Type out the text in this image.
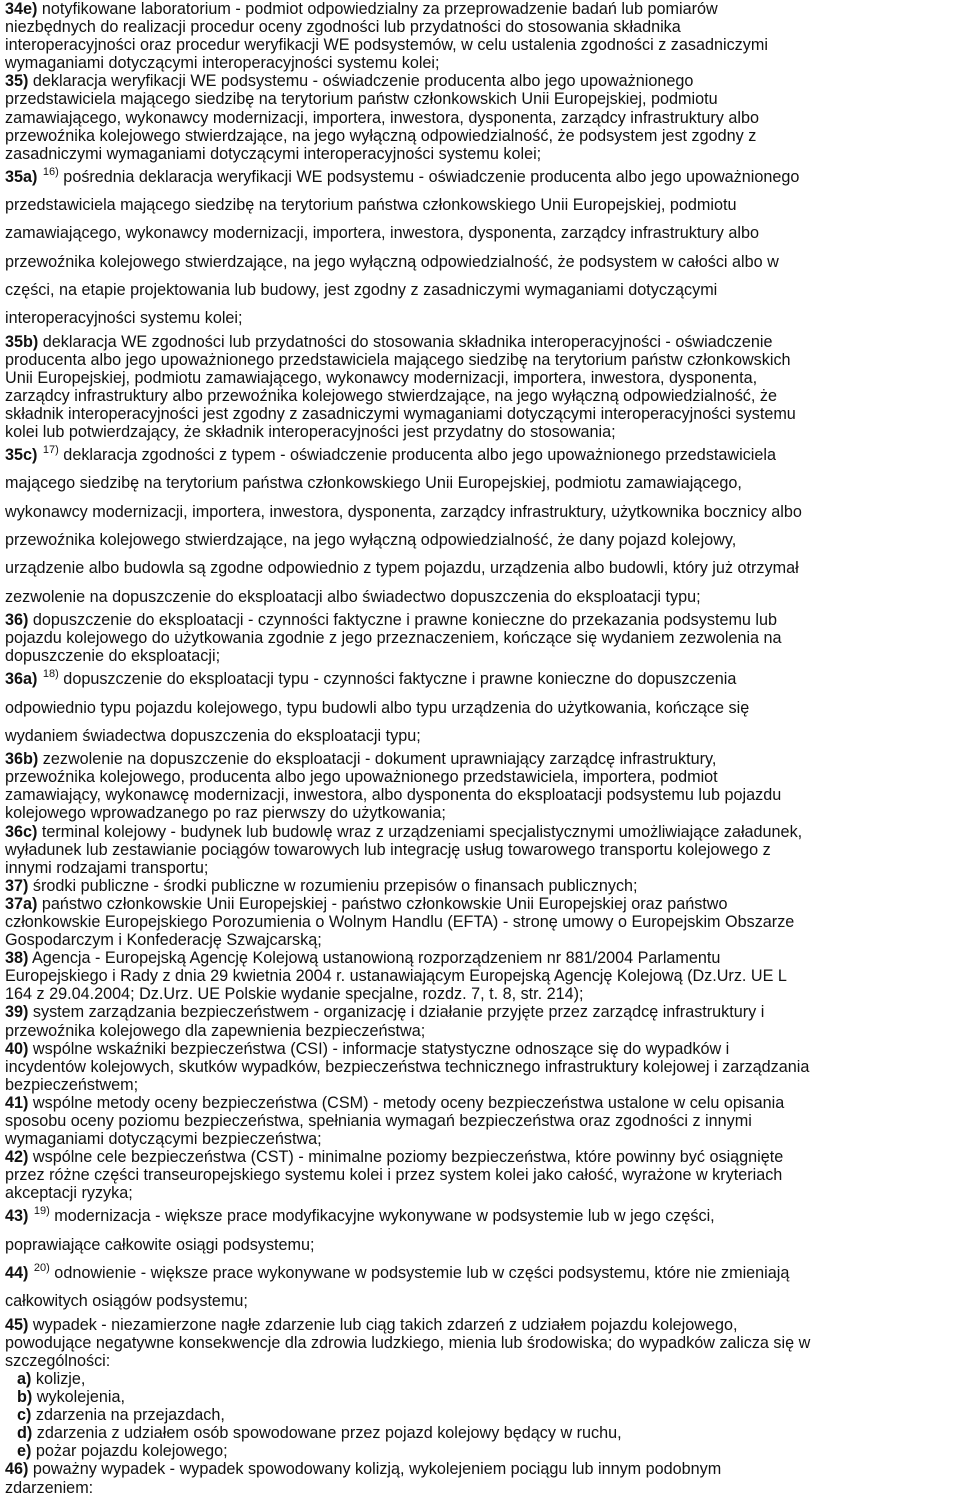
34e) notyfikowane laboratorium - podmiot odpowiedzialny za przeprowadzenie badań lub pomiarów
niezbędnych do realizacji procedur oceny zgodności lub przydatności do stosowania składnika
interoperacyjności oraz procedur weryfikacji WE podsystemów, w celu ustalenia zgodności z zasadniczymi
wymaganiami dotyczącymi interoperacyjności systemu kolei;
35) deklaracja weryfikacji WE podsystemu - oświadczenie producenta albo jego upoważnionego
przedstawiciela mającego siedzibę na terytorium państw członkowskich Unii Europejskiej, podmiotu
zamawiającego, wykonawcy modernizacji, importera, inwestora, dysponenta, zarządcy infrastruktury albo
przewoźnika kolejowego stwierdzające, na jego wyłączną odpowiedzialność, że podsystem jest zgodny z
zasadniczymi wymaganiami dotyczącymi interoperacyjności systemu kolei;
35a) $^{16)}$ pośrednia deklaracja weryfikacji WE podsystemu - oświadczenie producenta albo jego upoważnionego
przedstawiciela mającego siedzibę na terytorium państwa członkowskiego Unii Europejskiej, podmiotu
zamawiającego, wykonawcy modernizacji, importera, inwestora, dysponenta, zarządcy infrastruktury albo
przewoźnika kolejowego stwierdzające, na jego wyłączną odpowiedzialność, że podsystem w całości albo w
części, na etapie projektowania lub budowy, jest zgodny z zasadniczymi wymaganiami dotyczącymi
interoperacyjności systemu kolei;
35b) deklaracja WE zgodności lub przydatności do stosowania składnika interoperacyjności - oświadczenie
producenta albo jego upoważnionego przedstawiciela mającego siedzibę na terytorium państw członkowskich
Unii Europejskiej, podmiotu zamawiającego, wykonawcy modernizacji, importera, inwestora, dysponenta,
zarządcy infrastruktury albo przewoźnika kolejowego stwierdzające, na jego wyłączną odpowiedzialność, że
składnik interoperacyjności jest zgodny z zasadniczymi wymaganiami dotyczącymi interoperacyjności systemu
kolei lub potwierdzający, że składnik interoperacyjności jest przydatny do stosowania;
35c) $^{17)}$ deklaracja zgodności z typem - oświadczenie producenta albo jego upoważnionego przedstawiciela
mającego siedzibę na terytorium państwa członkowskiego Unii Europejskiej, podmiotu zamawiającego,
wykonawcy modernizacji, importera, inwestora, dysponenta, zarządcy infrastruktury, użytkownika bocznicy albo
przewoźnika kolejowego stwierdzające, na jego wyłączną odpowiedzialność, że dany pojazd kolejowy,
urządzenie albo budowla są zgodne odpowiednio z typem pojazdu, urządzenia albo budowli, który już otrzymał
zezwolenie na dopuszczenie do eksploatacji albo świadectwo dopuszczenia do eksploatacji typu;
36) dopuszczenie do eksploatacji - czynności faktyczne i prawne konieczne do przekazania podsystemu lub
pojazdu kolejowego do użytkowania zgodnie z jego przeznaczeniem, kończące się wydaniem zezwolenia na
dopuszczenie do eksploatacji;
36a) $^{18)}$ dopuszczenie do eksploatacji typu - czynności faktyczne i prawne konieczne do dopuszczenia
odpowiednio typu pojazdu kolejowego, typu budowli albo typu urządzenia do użytkowania, kończące się
wydaniem świadectwa dopuszczenia do eksploatacji typu;
36b) zezwolenie na dopuszczenie do eksploatacji - dokument uprawniający zarządcę infrastruktury,
przewoźnika kolejowego, producenta albo jego upoważnionego przedstawiciela, importera, podmiot
zamawiający, wykonawcę modernizacji, inwestora, albo dysponenta do eksploatacji podsystemu lub pojazdu
kolejowego wprowadzanego po raz pierwszy do użytkowania;
36c) terminal kolejowy - budynek lub budowlę wraz z urządzeniami specjalistycznymi umożliwiające załadunek,
wyładunek lub zestawianie pociągów towarowych lub integrację usług towarowego transportu kolejowego z
innymi rodzajami transportu;
37) środki publiczne - środki publiczne w rozumieniu przepisów o finansach publicznych;
37a) państwo członkowskie Unii Europejskiej - państwo członkowskie Unii Europejskiej oraz państwo
członkowskie Europejskiego Porozumienia o Wolnym Handlu (EFTA) - stronę umowy o Europejskim Obszarze
Gospodarczym i Konfederację Szwajcarską;
38) Agencja - Europejską Agencję Kolejową ustanowioną rozporządzeniem nr 881/2004 Parlamentu
Europejskiego i Rady z dnia 29 kwietnia 2004 r. ustanawiającym Europejską Agencję Kolejową (Dz.Urz. UE L
164 z 29.04.2004; Dz.Urz. UE Polskie wydanie specjalne, rozdz. 7, t. 8, str. 214);
39) system zarządzania bezpieczeństwem - organizację i działanie przyjęte przez zarządcę infrastruktury i
przewoźnika kolejowego dla zapewnienia bezpieczeństwa;
40) wspólne wskaźniki bezpieczeństwa (CSI) - informacje statystyczne odnoszące się do wypadków i
incydentów kolejowych, skutków wypadków, bezpieczeństwa technicznego infrastruktury kolejowej i zarządzania
bezpieczeństwem;
41) wspólne metody oceny bezpieczeństwa (CSM) - metody oceny bezpieczeństwa ustalone w celu opisania
sposobu oceny poziomu bezpieczeństwa, spełniania wymagań bezpieczeństwa oraz zgodności z innymi
wymaganiami dotyczącymi bezpieczeństwa;
42) wspólne cele bezpieczeństwa (CST) - minimalne poziomy bezpieczeństwa, które powinny być osiągnięte
przez różne części transeuropejskiego systemu kolei i przez system kolei jako całość, wyrażone w kryteriach
akceptacji ryzyka;
43) $^{19)}$ modernizacja - większe prace modyfikacyjne wykonywane w podsystemie lub w jego części,
poprawiające całkowite osiągi podsystemu;
44) $^{20)}$ odnowienie - większe prace wykonywane w podsystemie lub w części podsystemu, które nie zmieniają
całkowitych osiągów podsystemu;
45) wypadek - niezamierzone nagłe zdarzenie lub ciąg takich zdarzeń z udziałem pojazdu kolejowego,
powodujące negatywne konsekwencje dla zdrowia ludzkiego, mienia lub środowiska; do wypadków zalicza się w
szczególności:
a) kolizje,
b) wykolejenia,
c) zdarzenia na przejazdach,
d) zdarzenia z udziałem osób spowodowane przez pojazd kolejowy będący w ruchu,
e) pożar pojazdu kolejowego;
46) poważny wypadek - wypadek spowodowany kolizją, wykolejeniem pociągu lub innym podobnym
zdarzeniem:
